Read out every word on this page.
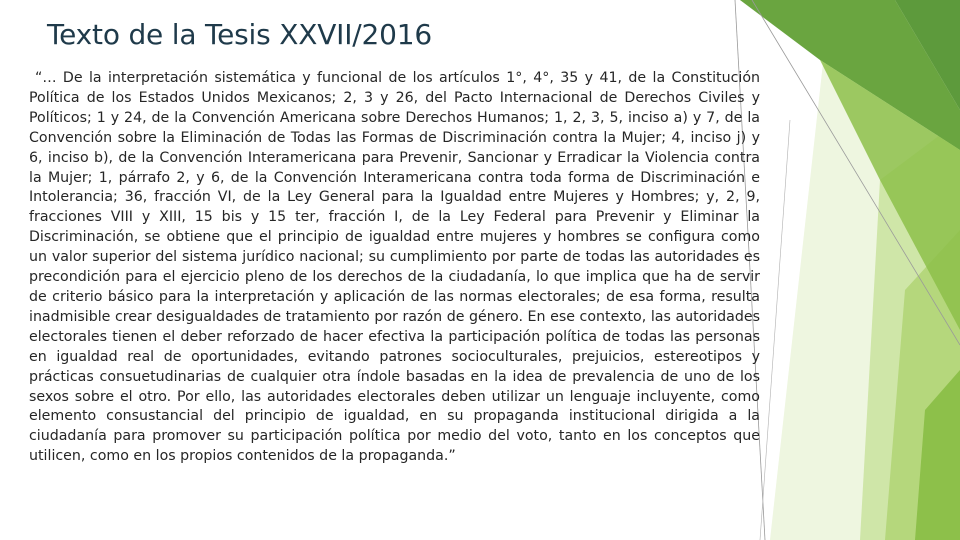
Texto de la Tesis XXVII/2016

“… De la interpretación sistemática y funcional de los artículos 1°, 4°, 35 y 41, de la Constitución Política de los Estados Unidos Mexicanos; 2, 3 y 26, del Pacto Internacional de Derechos Civiles y Políticos; 1 y 24, de la Convención Americana sobre Derechos Humanos; 1, 2, 3, 5, inciso a) y 7, de la Convención sobre la Eliminación de Todas las Formas de Discriminación contra la Mujer; 4, inciso j) y 6, inciso b), de la Convención Interamericana para Prevenir, Sancionar y Erradicar la Violencia contra la Mujer; 1, párrafo 2, y 6, de la Convención Interamericana contra toda forma de Discriminación e Intolerancia; 36, fracción VI, de la Ley General para la Igualdad entre Mujeres y Hombres; y, 2, 9, fracciones VIII y XIII, 15 bis y 15 ter, fracción I, de la Ley Federal para Prevenir y Eliminar la Discriminación, se obtiene que el principio de igualdad entre mujeres y hombres se configura como un valor superior del sistema jurídico nacional; su cumplimiento por parte de todas las autoridades es precondición para el ejercicio pleno de los derechos de la ciudadanía, lo que implica que ha de servir de criterio básico para la interpretación y aplicación de las normas electorales; de esa forma, resulta inadmisible crear desigualdades de tratamiento por razón de género. En ese contexto, las autoridades electorales tienen el deber reforzado de hacer efectiva la participación política de todas las personas en igualdad real de oportunidades, evitando patrones socioculturales, prejuicios, estereotipos y prácticas consuetudinarias de cualquier otra índole basadas en la idea de prevalencia de uno de los sexos sobre el otro. Por ello, las autoridades electorales deben utilizar un lenguaje incluyente, como elemento consustancial del principio de igualdad, en su propaganda institucional dirigida a la ciudadanía para promover su participación política por medio del voto, tanto en los conceptos que utilicen, como en los propios contenidos de la propaganda.”
